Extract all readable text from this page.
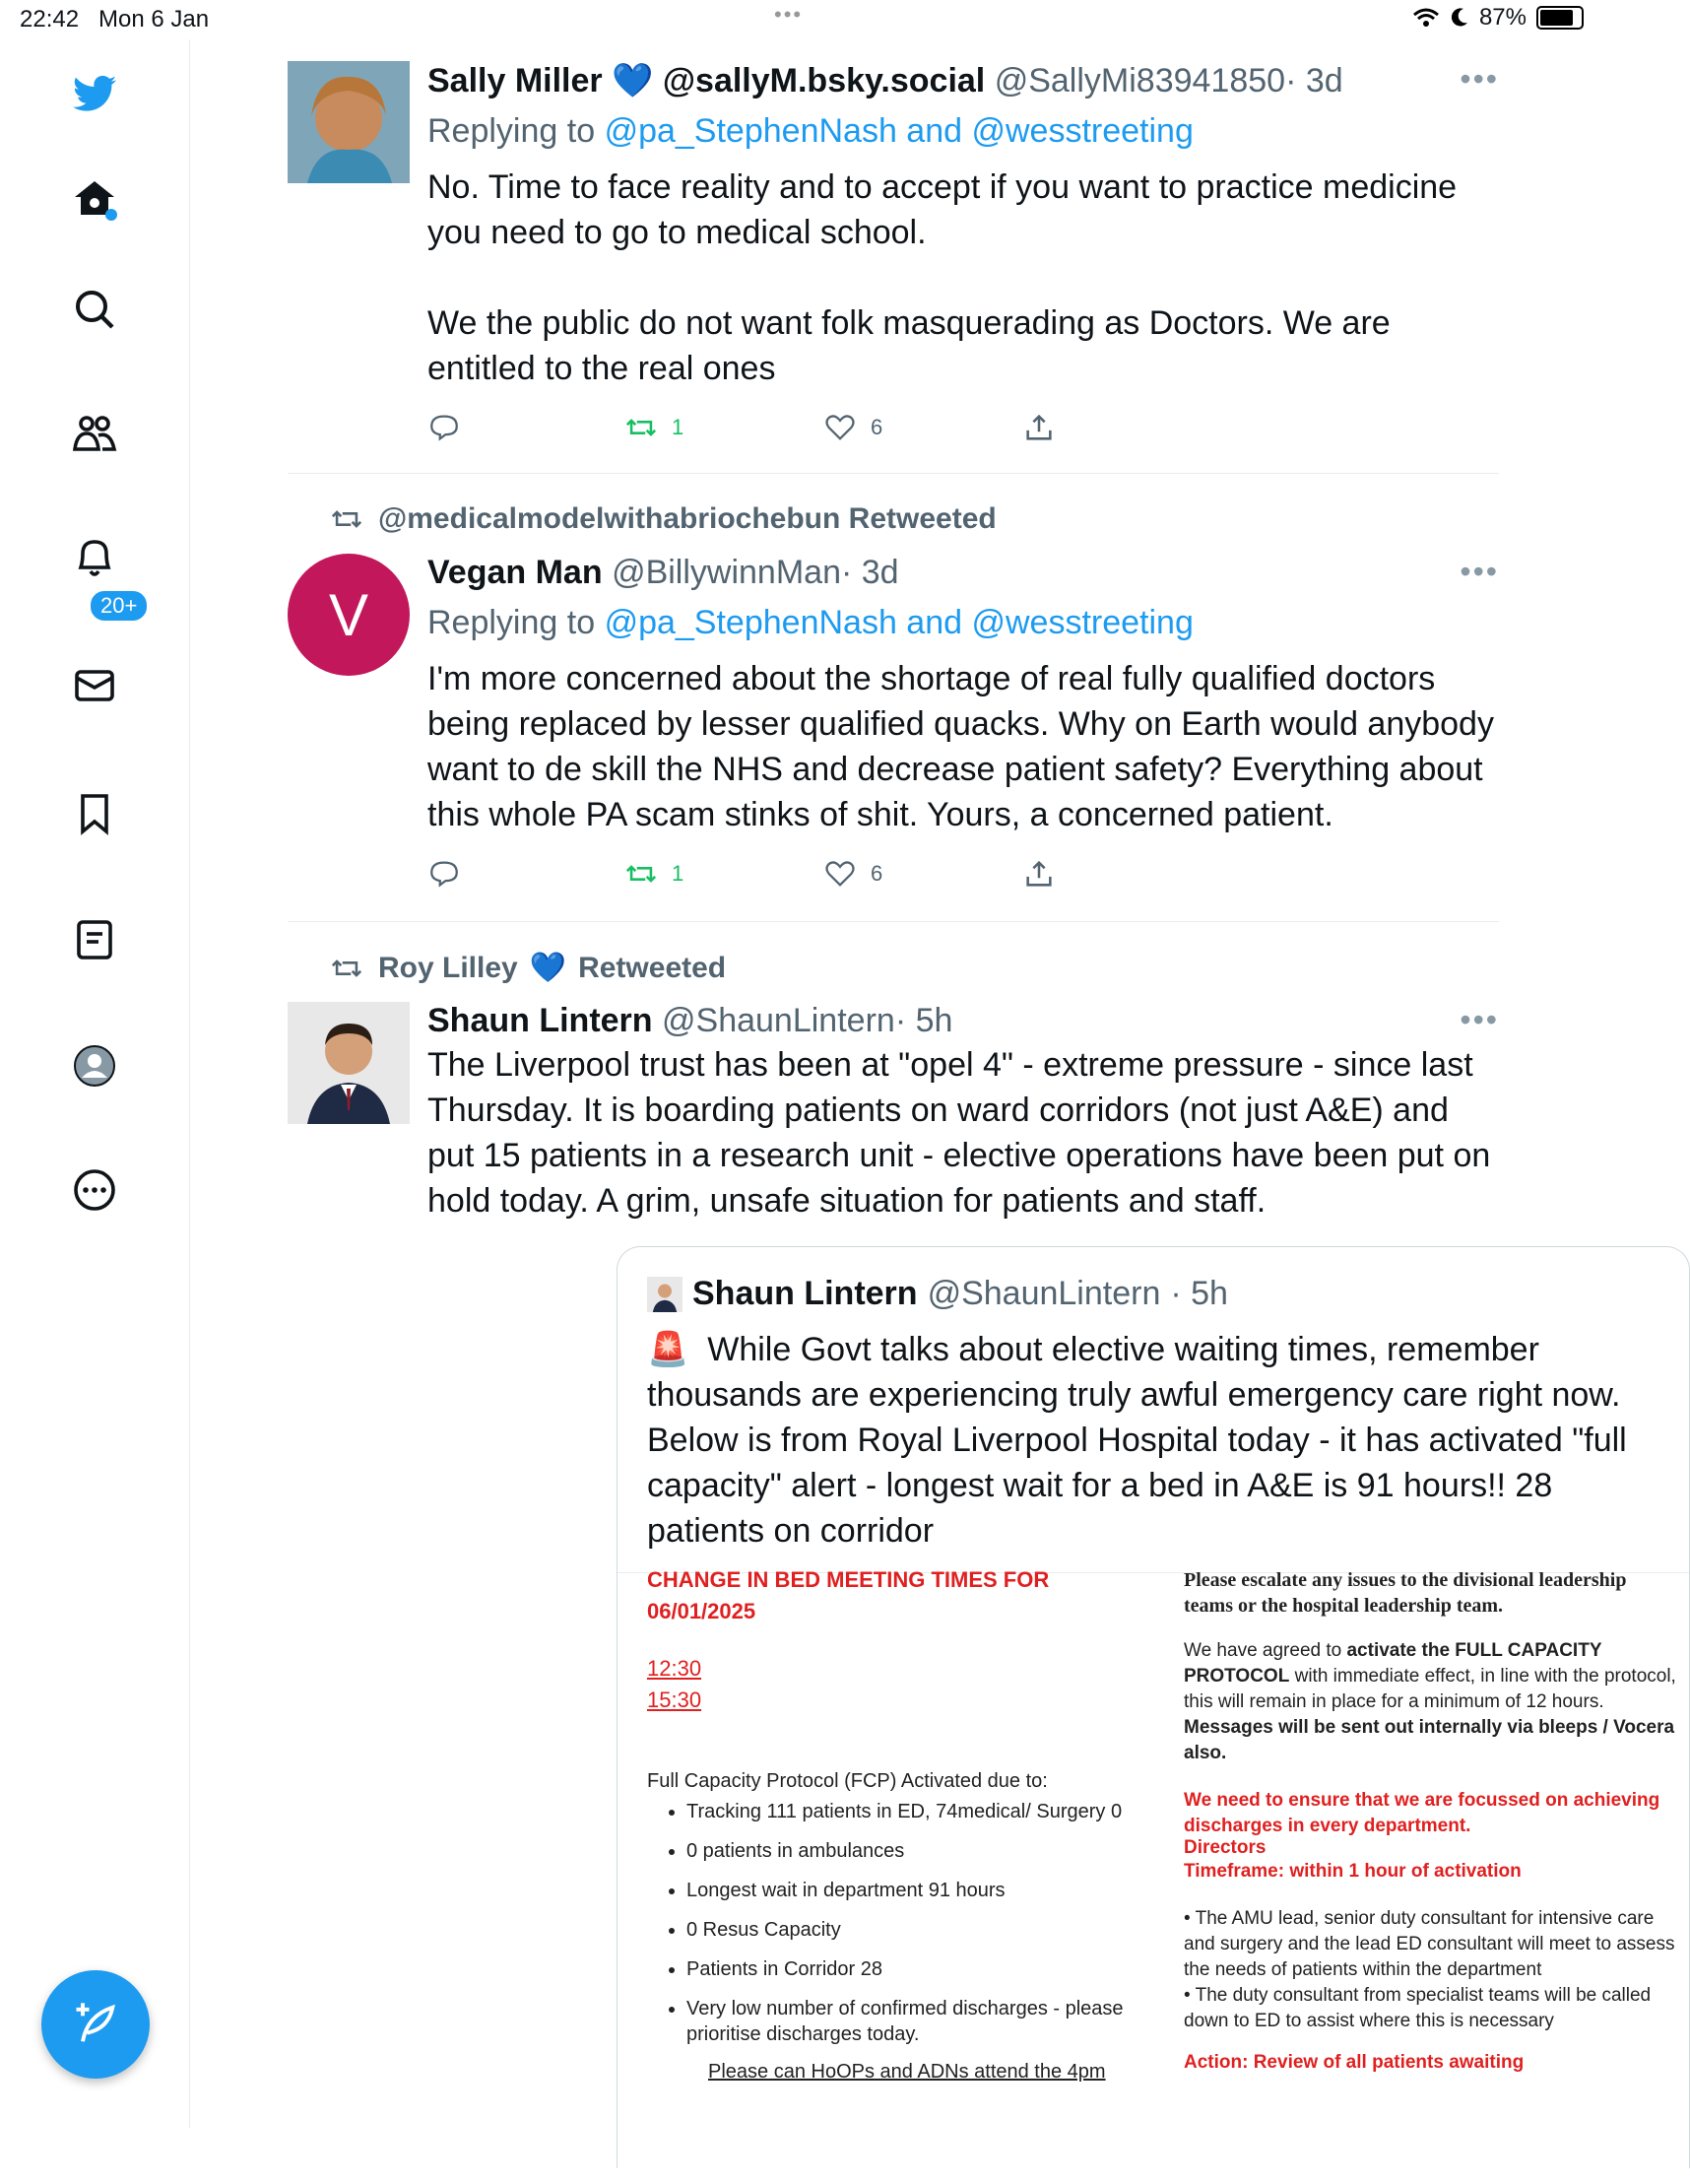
22:42 Mon 6 Jan	•••	87%
20+
Sally Miller 💙 @sallyM.bsky.social @SallyMi83941850· 3d	•••
Replying to @pa_StephenNash and @wesstreeting

No. Time to face reality and to accept if you want to practice medicine you need to go to medical school.

We the public do not want folk masquerading as Doctors. We are entitled to the real ones

1	6
@medicalmodelwithabriochebun Retweeted
V
Vegan Man @BillywinnMan· 3d	•••
Replying to @pa_StephenNash and @wesstreeting
I'm more concerned about the shortage of real fully qualified doctors being replaced by lesser qualified quacks. Why on Earth would anybody want to de skill the NHS and decrease patient safety? Everything about this whole PA scam stinks of shit. Yours, a concerned patient.
1	6
Roy Lilley 💙 Retweeted
Shaun Lintern @ShaunLintern· 5h	•••
The Liverpool trust has been at "opel 4" - extreme pressure - since last Thursday. It is boarding patients on ward corridors (not just A&E) and put 15 patients in a research unit - elective operations have been put on hold today. A grim, unsafe situation for patients and staff.
Shaun Lintern @ShaunLintern · 5h
🚨 While Govt talks about elective waiting times, remember thousands are experiencing truly awful emergency care right now. Below is from Royal Liverpool Hospital today - it has activated "full capacity" alert - longest wait for a bed in A&E is 91 hours!! 28 patients on corridor
CHANGE IN BED MEETING TIMES FOR
06/01/2025
12:30
15:30
Full Capacity Protocol (FCP) Activated due to:
• Tracking 111 patients in ED, 74medical/ Surgery 0
• 0 patients in ambulances
• Longest wait in department 91 hours
• 0 Resus Capacity
• Patients in Corridor 28
• Very low number of confirmed discharges - please prioritise discharges today.
Please can HoOPs and ADNs attend the 4pm
Please escalate any issues to the divisional leadership teams or the hospital leadership team.
We have agreed to activate the FULL CAPACITY PROTOCOL with immediate effect, in line with the protocol, this will remain in place for a minimum of 12 hours. Messages will be sent out internally via bleeps / Vocera also.
We need to ensure that we are focussed on achieving discharges in every department.
Directors
Timeframe: within 1 hour of activation
• The AMU lead, senior duty consultant for intensive care and surgery and the lead ED consultant will meet to assess the needs of patients within the department
• The duty consultant from specialist teams will be called down to ED to assist where this is necessary
Action: Review of all patients awaiting
